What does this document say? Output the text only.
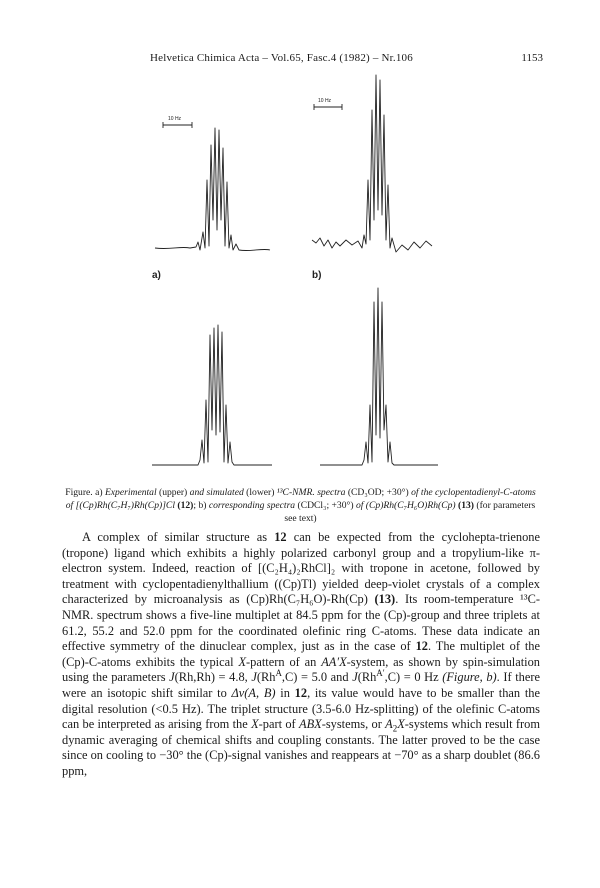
Helvetica Chimica Acta – Vol.65, Fasc.4 (1982) – Nr.106	1153
10 Hz
10 Hz
a)	b)
Figure. a) Experimental (upper) and simulated (lower) ¹³C-NMR. spectra (CD₃OD; +30°) of the cyclopentadienyl-C-atoms of [(Cp)Rh(C₇H₇)Rh(Cp)]Cl (12); b) corresponding spectra (CDCl₃; +30°) of (Cp)Rh(C₇H₆O)Rh(Cp) (13) (for parameters see text)

A complex of similar structure as 12 can be expected from the cyclohepta-trienone (tropone) ligand which exhibits a highly polarized carbonyl group and a tropylium-like π-electron system. Indeed, reaction of [(C₂H₄)₂RhCl]₂ with tropone in acetone, followed by treatment with cyclopentadienylthallium ((Cp)Tl) yielded deep-violet crystals of a complex characterized by microanalysis as (Cp)Rh(C₇H₆O)-Rh(Cp) (13). Its room-temperature ¹³C-NMR. spectrum shows a five-line multiplet at 84.5 ppm for the (Cp)-group and three triplets at 61.2, 55.2 and 52.0 ppm for the coordinated olefinic ring C-atoms. These data indicate an effective symmetry of the dinuclear complex, just as in the case of 12. The multiplet of the (Cp)-C-atoms exhibits the typical X-pattern of an AA′X-system, as shown by spin-simulation using the parameters J(Rh,Rh) = 4.8, $J(Rh^A,C) = 5.0$ and $J(Rh^{A'},C) = 0$ Hz (Figure, b). If there were an isotopic shift similar to Δν(A, B) in 12, its value would have to be smaller than the digital resolution (<0.5 Hz). The triplet structure (3.5-6.0 Hz-splitting) of the olefinic C-atoms can be interpreted as arising from the X-part of ABX-systems, or $A_2X$-systems which result from dynamic averaging of chemical shifts and coupling constants. The latter proved to be the case since on cooling to −30° the (Cp)-signal vanishes and reappears at −70° as a sharp doublet (86.6 ppm,
